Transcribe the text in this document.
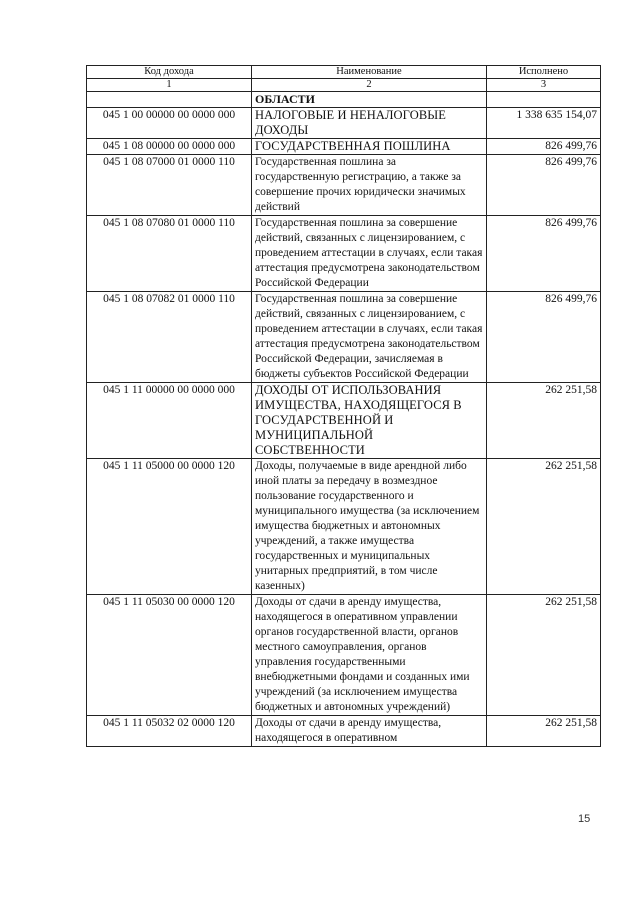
Код дохода	Наименование	Исполнено
1	2	3
	ОБЛАСТИ	
045 1 00 00000 00 0000 000	НАЛОГОВЫЕ И НЕНАЛОГОВЫЕ ДОХОДЫ	1 338 635 154,07
045 1 08 00000 00 0000 000	ГОСУДАРСТВЕННАЯ ПОШЛИНА	826 499,76
045 1 08 07000 01 0000 110	Государственная пошлина за государственную регистрацию, а также за совершение прочих юридически значимых действий	826 499,76
045 1 08 07080 01 0000 110	Государственная пошлина за совершение действий, связанных с лицензированием, с проведением аттестации в случаях, если такая аттестация предусмотрена законодательством Российской Федерации	826 499,76
045 1 08 07082 01 0000 110	Государственная пошлина за совершение действий, связанных с лицензированием, с проведением аттестации в случаях, если такая аттестация предусмотрена законодательством Российской Федерации, зачисляемая в бюджеты субъектов Российской Федерации	826 499,76
045 1 11 00000 00 0000 000	ДОХОДЫ ОТ ИСПОЛЬЗОВАНИЯ ИМУЩЕСТВА, НАХОДЯЩЕГОСЯ В ГОСУДАРСТВЕННОЙ И МУНИЦИПАЛЬНОЙ СОБСТВЕННОСТИ	262 251,58
045 1 11 05000 00 0000 120	Доходы, получаемые в виде арендной либо иной платы за передачу в возмездное пользование государственного и муниципального имущества (за исключением имущества бюджетных и автономных учреждений, а также имущества государственных и муниципальных унитарных предприятий, в том числе казенных)	262 251,58
045 1 11 05030 00 0000 120	Доходы от сдачи в аренду имущества, находящегося в оперативном управлении органов государственной власти, органов местного самоуправления, органов управления государственными внебюджетными фондами и созданных ими учреждений (за исключением имущества бюджетных и автономных учреждений)	262 251,58
045 1 11 05032 02 0000 120	Доходы от сдачи в аренду имущества, находящегося в оперативном	262 251,58
15
